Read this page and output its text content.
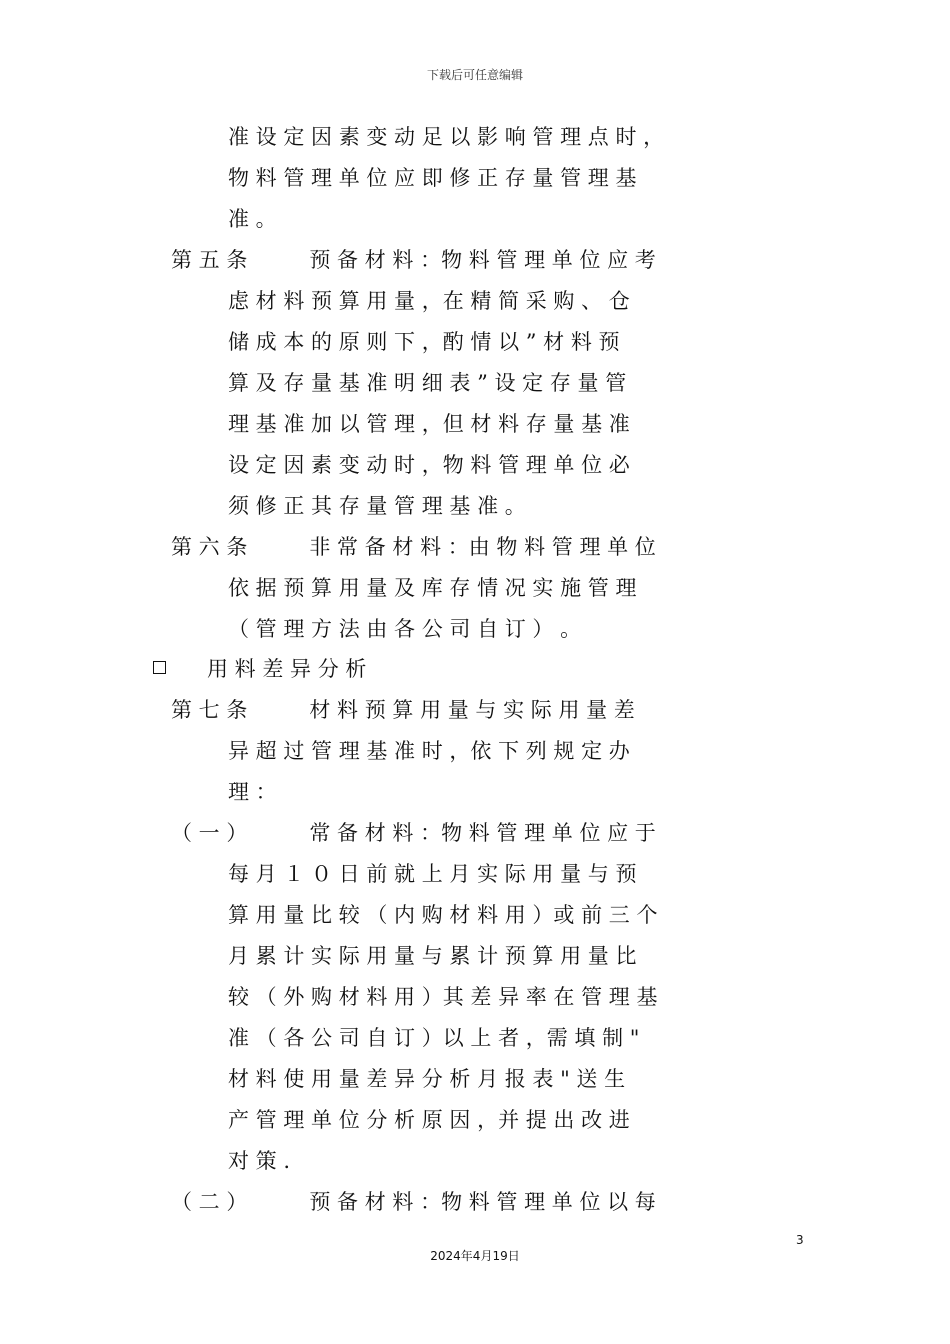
下载后可任意编辑
准 设 定 因 素 变 动 足 以 影 响 管 理 点 时 ，
物 料 管 理 单 位 应 即 修 正 存 量 管 理 基
准 。
第 五 条 　 　 预 备 材 料 ：物 料 管 理 单 位 应 考
虑 材 料 预 算 用 量 ，在 精 简 采 购 、 仓
储 成 本 的 原 则 下 ，酌 情 以 ” 材 料 预
算 及 存 量 基 准 明 细 表 ” 设 定 存 量 管
理 基 准 加 以 管 理 ，但 材 料 存 量 基 准
设 定 因 素 变 动 时 ，物 料 管 理 单 位 必
须 修 正 其 存 量 管 理 基 准 。
第 六 条 　 　 非 常 备 材 料 ：由 物 料 管 理 单 位
依 据 预 算 用 量 及 库 存 情 况 实 施 管 理
（ 管 理 方 法 由 各 公 司 自 订 ） 。
用 料 差 异 分 析
第 七 条 　 　 材 料 预 算 用 量 与 实 际 用 量 差
异 超 过 管 理 基 准 时 ，依 下 列 规 定 办
理 ：
（ 一 ） 　 　 常 备 材 料 ：物 料 管 理 单 位 应 于
每 月 １ ０ 日 前 就 上 月 实 际 用 量 与 预
算 用 量 比 较 （ 内 购 材 料 用 ）或 前 三 个
月 累 计 实 际 用 量 与 累 计 预 算 用 量 比
较 （ 外 购 材 料 用 ）其 差 异 率 在 管 理 基
准 （ 各 公 司 自 订 ）以 上 者 ，需 填 制 "
材 料 使 用 量 差 异 分 析 月 报 表 " 送 生
产 管 理 单 位 分 析 原 因 ，并 提 出 改 进
对 策 .
（ 二 ） 　 　 预 备 材 料 ：物 料 管 理 单 位 以 每
3
2024年4月19日
